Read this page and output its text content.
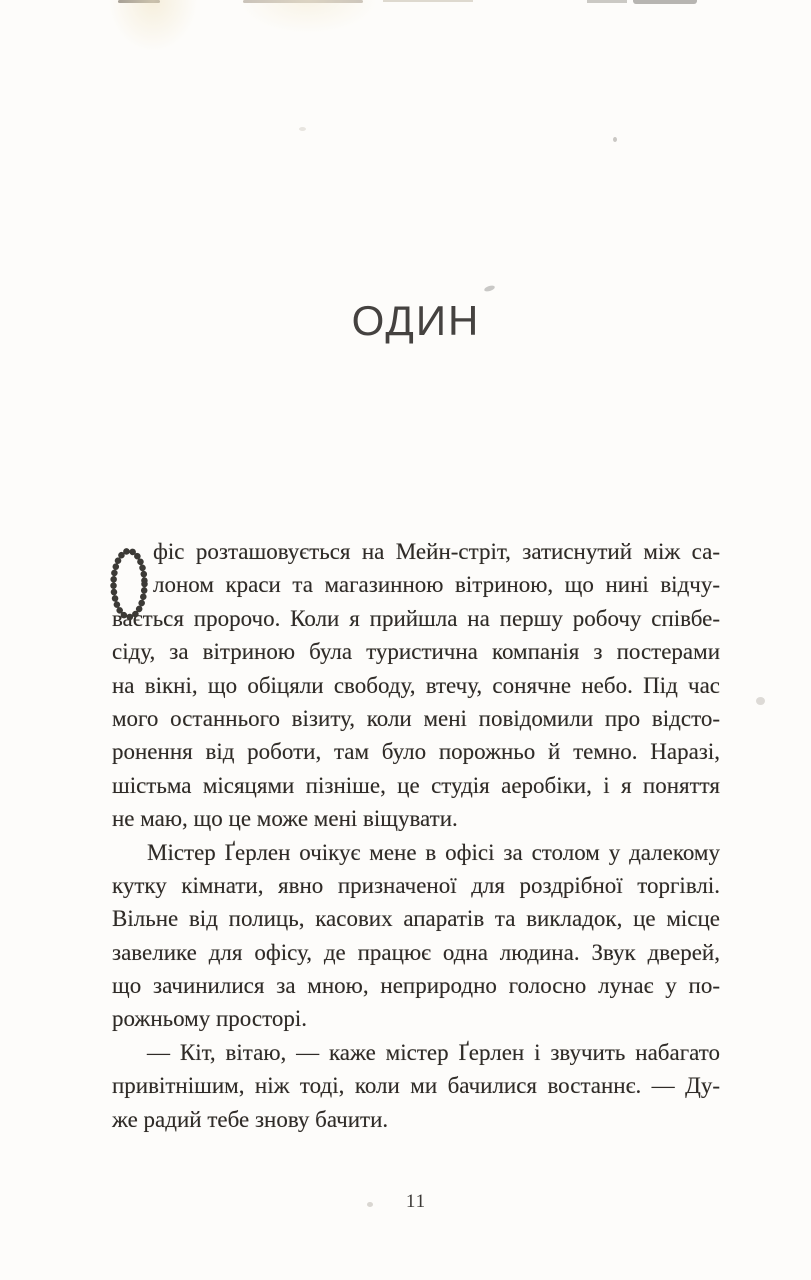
ОДИН
фіс розташовується на Мейн-стріт, затиснутий між са-
лоном краси та магазинною вітриною, що нині відчу-
вається пророчо. Коли я прийшла на першу робочу співбе-
сіду, за вітриною була туристична компанія з постерами
на вікні, що обіцяли свободу, втечу, сонячне небо. Під час
мого останнього візиту, коли мені повідомили про відсто-
ронення від роботи, там було порожньо й темно. Наразі,
шістьма місяцями пізніше, це студія аеробіки, і я поняття
не маю, що це може мені віщувати.
Містер Ґерлен очікує мене в офісі за столом у далекому
кутку кімнати, явно призначеної для роздрібної торгівлі.
Вільне від полиць, касових апаратів та викладок, це місце
завелике для офісу, де працює одна людина. Звук дверей,
що зачинилися за мною, неприродно голосно лунає у по-
рожньому просторі.
— Кіт, вітаю, — каже містер Ґерлен і звучить набагато
привітнішим, ніж тоді, коли ми бачилися востаннє. — Ду-
же радий тебе знову бачити.
11
